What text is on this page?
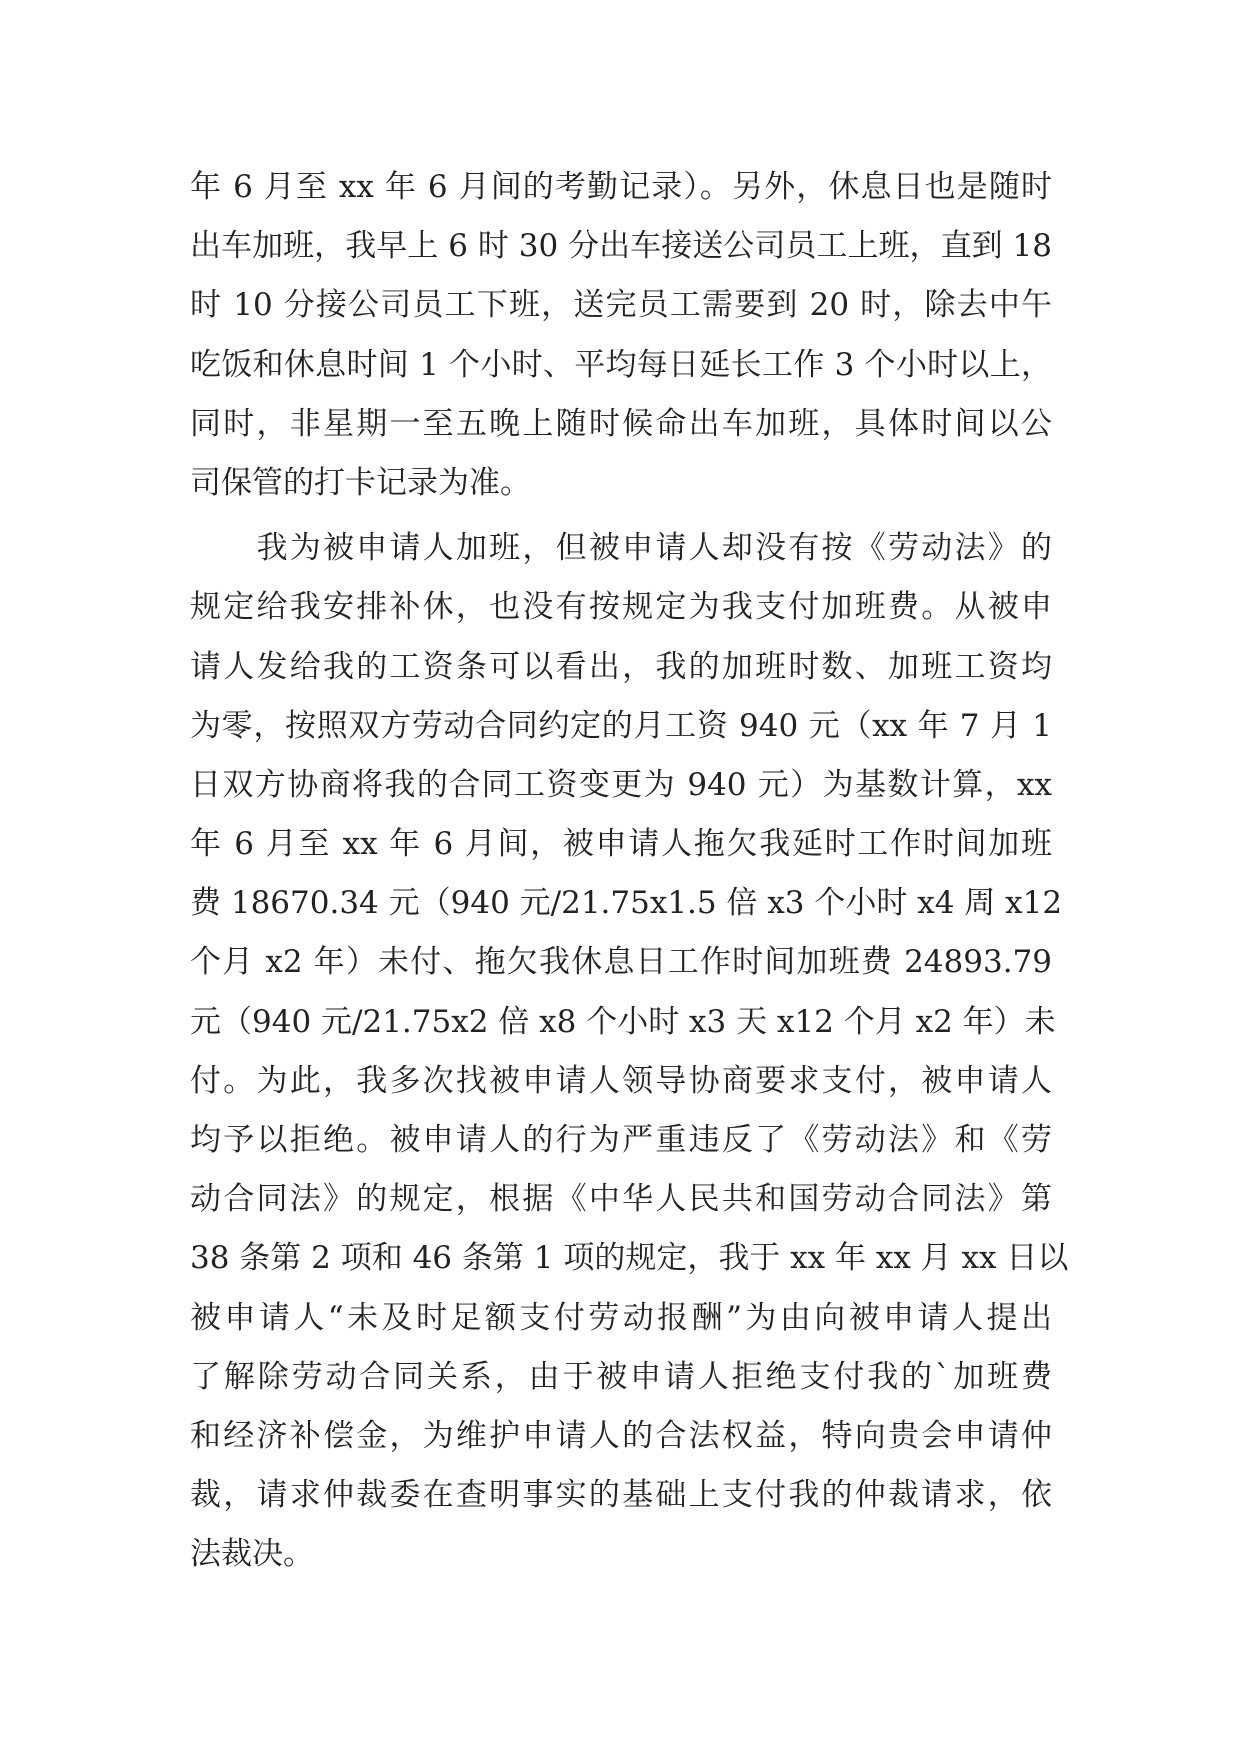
年 6 月至 xx 年 6 月间的考勤记录）。另外，休息日也是随时
出车加班，我早上 6 时 30 分出车接送公司员工上班，直到 18
时 10 分接公司员工下班，送完员工需要到 20 时，除去中午
吃饭和休息时间 1 个小时、平均每日延长工作 3 个小时以上，
同时，非星期一至五晚上随时候命出车加班，具体时间以公
司保管的打卡记录为准。
　　我为被申请人加班，但被申请人却没有按《劳动法》的
规定给我安排补休，也没有按规定为我支付加班费。从被申
请人发给我的工资条可以看出，我的加班时数、加班工资均
为零，按照双方劳动合同约定的月工资 940 元（xx 年 7 月 1
日双方协商将我的合同工资变更为 940 元）为基数计算，xx
年 6 月至 xx 年 6 月间，被申请人拖欠我延时工作时间加班
费 18670.34 元（940 元/21.75x1.5 倍 x3 个小时 x4 周 x12
个月 x2 年）未付、拖欠我休息日工作时间加班费 24893.79
元（940 元/21.75x2 倍 x8 个小时 x3 天 x12 个月 x2 年）未
付。为此，我多次找被申请人领导协商要求支付，被申请人
均予以拒绝。被申请人的行为严重违反了《劳动法》和《劳
动合同法》的规定，根据《中华人民共和国劳动合同法》第
38 条第 2 项和 46 条第 1 项的规定，我于 xx 年 xx 月 xx 日以
被申请人“未及时足额支付劳动报酬”为由向被申请人提出
了解除劳动合同关系，由于被申请人拒绝支付我的`加班费
和经济补偿金，为维护申请人的合法权益，特向贵会申请仲
裁，请求仲裁委在查明事实的基础上支付我的仲裁请求，依
法裁决。
